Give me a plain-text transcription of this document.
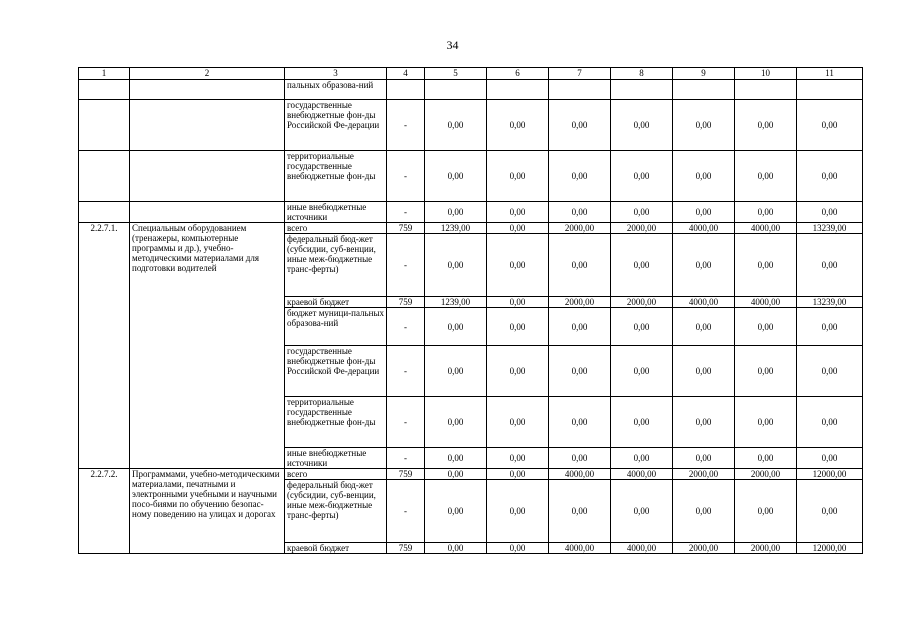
34
1	2	3	4	5	6	7	8	9	10	11
		пальных образова-ний								
		государственные внебюджетные фон-ды Российской Фе-дерации	-	0,00	0,00	0,00	0,00	0,00	0,00	0,00
		территориальные государственные внебюджетные фон-ды	-	0,00	0,00	0,00	0,00	0,00	0,00	0,00
		иные внебюджетные источники	-	0,00	0,00	0,00	0,00	0,00	0,00	0,00
2.2.7.1.	Специальным оборудованием (тренажеры, компьютерные программы и др.), учебно-методическими материалами для подготовки водителей	всего	759	1239,00	0,00	2000,00	2000,00	4000,00	4000,00	13239,00
		федеральный бюд-жет (субсидии, суб-венции, иные меж-бюджетные транс-ферты)	-	0,00	0,00	0,00	0,00	0,00	0,00	0,00
		краевой бюджет	759	1239,00	0,00	2000,00	2000,00	4000,00	4000,00	13239,00
		бюджет муници-пальных образова-ний	-	0,00	0,00	0,00	0,00	0,00	0,00	0,00
		государственные внебюджетные фон-ды Российской Фе-дерации	-	0,00	0,00	0,00	0,00	0,00	0,00	0,00
		территориальные государственные внебюджетные фон-ды	-	0,00	0,00	0,00	0,00	0,00	0,00	0,00
		иные внебюджетные источники	-	0,00	0,00	0,00	0,00	0,00	0,00	0,00
2.2.7.2.	Программами, учебно-методическими материалами, печатными и электронными учебными и научными посо-биями по обучению безопас-ному поведению на улицах и дорогах	всего	759	0,00	0,00	4000,00	4000,00	2000,00	2000,00	12000,00
		федеральный бюд-жет (субсидии, суб-венции, иные меж-бюджетные транс-ферты)	-	0,00	0,00	0,00	0,00	0,00	0,00	0,00
		краевой бюджет	759	0,00	0,00	4000,00	4000,00	2000,00	2000,00	12000,00
